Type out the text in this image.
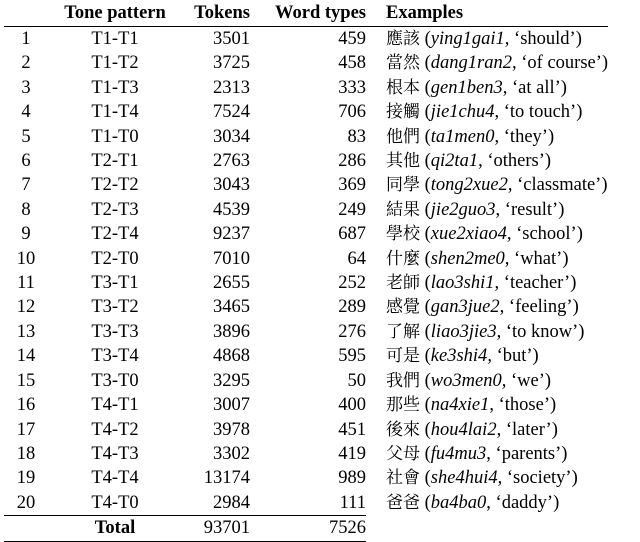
	Tone pattern	Tokens	Word types	Examples
1	T1-T1	3501	459	應該 (ying1gai1, ‘should’)
2	T1-T2	3725	458	當然 (dang1ran2, ‘of course’)
3	T1-T3	2313	333	根本 (gen1ben3, ‘at all’)
4	T1-T4	7524	706	接觸 (jie1chu4, ‘to touch’)
5	T1-T0	3034	83	他們 (ta1men0, ‘they’)
6	T2-T1	2763	286	其他 (qi2ta1, ‘others’)
7	T2-T2	3043	369	同學 (tong2xue2, ‘classmate’)
8	T2-T3	4539	249	結果 (jie2guo3, ‘result’)
9	T2-T4	9237	687	學校 (xue2xiao4, ‘school’)
10	T2-T0	7010	64	什麼 (shen2me0, ‘what’)
11	T3-T1	2655	252	老師 (lao3shi1, ‘teacher’)
12	T3-T2	3465	289	感覺 (gan3jue2, ‘feeling’)
13	T3-T3	3896	276	了解 (liao3jie3, ‘to know’)
14	T3-T4	4868	595	可是 (ke3shi4, ‘but’)
15	T3-T0	3295	50	我們 (wo3men0, ‘we’)
16	T4-T1	3007	400	那些 (na4xie1, ‘those’)
17	T4-T2	3978	451	後來 (hou4lai2, ‘later’)
18	T4-T3	3302	419	父母 (fu4mu3, ‘parents’)
19	T4-T4	13174	989	社會 (she4hui4, ‘society’)
20	T4-T0	2984	111	爸爸 (ba4ba0, ‘daddy’)
	Total	93701	7526	
